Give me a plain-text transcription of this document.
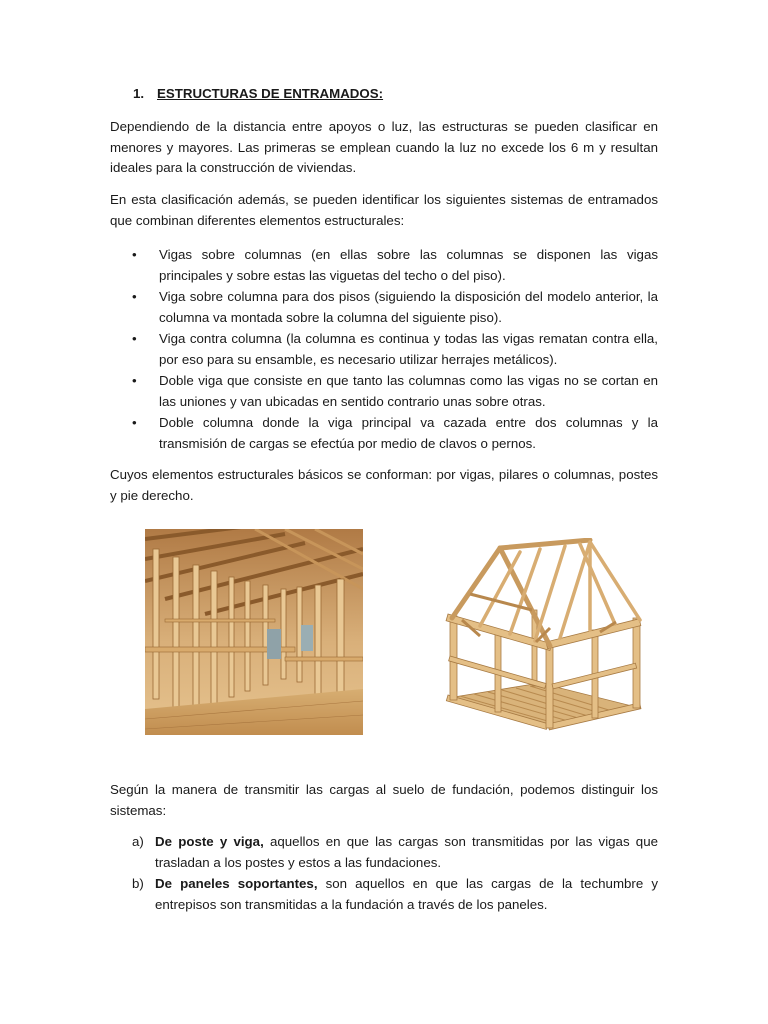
1. ESTRUCTURAS DE ENTRAMADOS:

Dependiendo de la distancia entre apoyos o luz, las estructuras se pueden clasificar en menores y mayores. Las primeras se emplean cuando la luz no excede los 6 m y resultan ideales para la construcción de viviendas.

En esta clasificación además, se pueden identificar los siguientes sistemas de entramados que combinan diferentes elementos estructurales:

• Vigas sobre columnas (en ellas sobre las columnas se disponen las vigas principales y sobre estas las viguetas del techo o del piso).
• Viga sobre columna para dos pisos (siguiendo la disposición del modelo anterior, la columna va montada sobre la columna del siguiente piso).
• Viga contra columna (la columna es continua y todas las vigas rematan contra ella, por eso para su ensamble, es necesario utilizar herrajes metálicos).
• Doble viga que consiste en que tanto las columnas como las vigas no se cortan en las uniones y van ubicadas en sentido contrario unas sobre otras.
• Doble columna donde la viga principal va cazada entre dos columnas y la transmisión de cargas se efectúa por medio de clavos o pernos.

Cuyos elementos estructurales básicos se conforman: por vigas, pilares o columnas, postes y pie derecho.

Según la manera de transmitir las cargas al suelo de fundación, podemos distinguir los sistemas:

a) De poste y viga, aquellos en que las cargas son transmitidas por las vigas que trasladan a los postes y estos a las fundaciones.
b) De paneles soportantes, son aquellos en que las cargas de la techumbre y entrepisos son transmitidas a la fundación a través de los paneles.
